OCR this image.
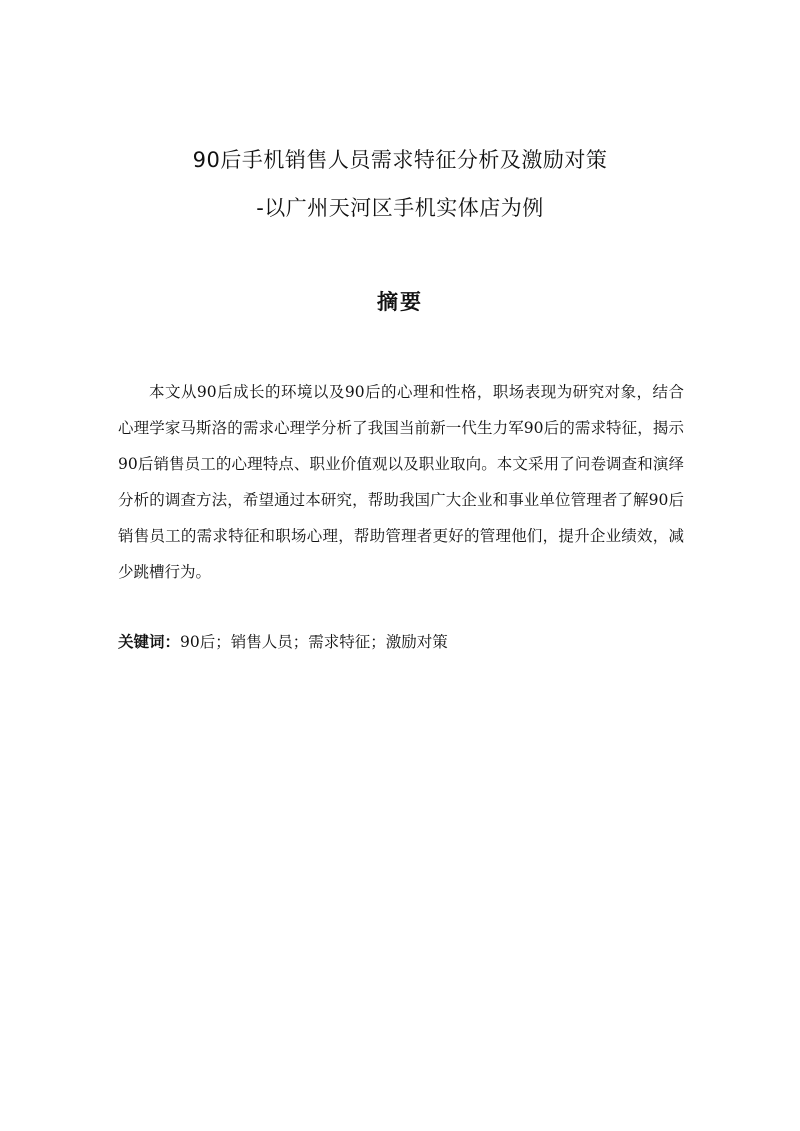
90后手机销售人员需求特征分析及激励对策
-以广州天河区手机实体店为例
摘要

本文从90后成长的环境以及90后的心理和性格，职场表现为研究对象，结合心理学家马斯洛的需求心理学分析了我国当前新一代生力军90后的需求特征，揭示90后销售员工的心理特点、职业价值观以及职业取向。本文采用了问卷调查和演绎分析的调查方法，希望通过本研究，帮助我国广大企业和事业单位管理者了解90后销售员工的需求特征和职场心理，帮助管理者更好的管理他们，提升企业绩效，减少跳槽行为。

关键词：90后；销售人员；需求特征；激励对策
